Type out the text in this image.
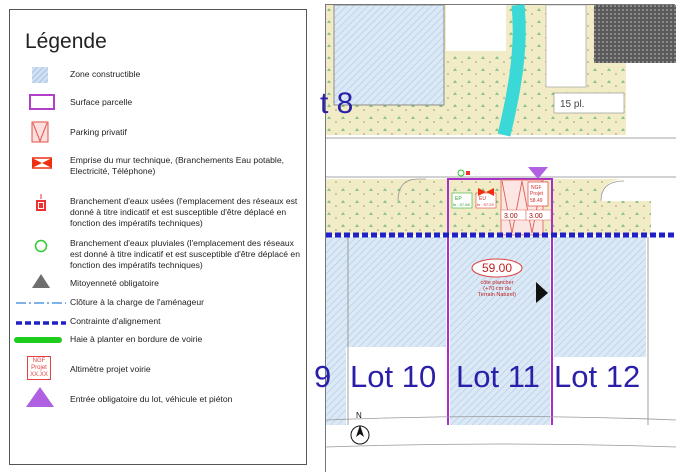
Légende
Zone constructible
Surface parcelle
Parking privatif
Emprise du mur technique, (Branchements Eau potable, Electricité, Téléphone)
Branchement d'eaux usées (l'emplacement des réseaux est donné à titre indicatif et est susceptible d'être déplacé en fonction des impératifs techniques)
Branchement d'eaux pluviales (l'emplacement des réseaux est donné à titre indicatif et est susceptible d'être déplacé en fonction des impératifs techniques)
Mitoyenneté obligatoire
Clôture à la charge de l'aménageur
Contrainte d'alignement
Haie à planter en bordure de voirie
NGF
Projet
XX.XX
Altimètre projet voirie
Entrée obligatoire du lot, véhicule et piéton
15 pl.
3.00 3.00
EP
fe : 57.68
EU
fe : 57.29
NGF
Projet
58.49
59.00
côte plancher
(+70 cm du
Terrain Naturel)
t 8
9 Lot 10 Lot 11 Lot 12
N
